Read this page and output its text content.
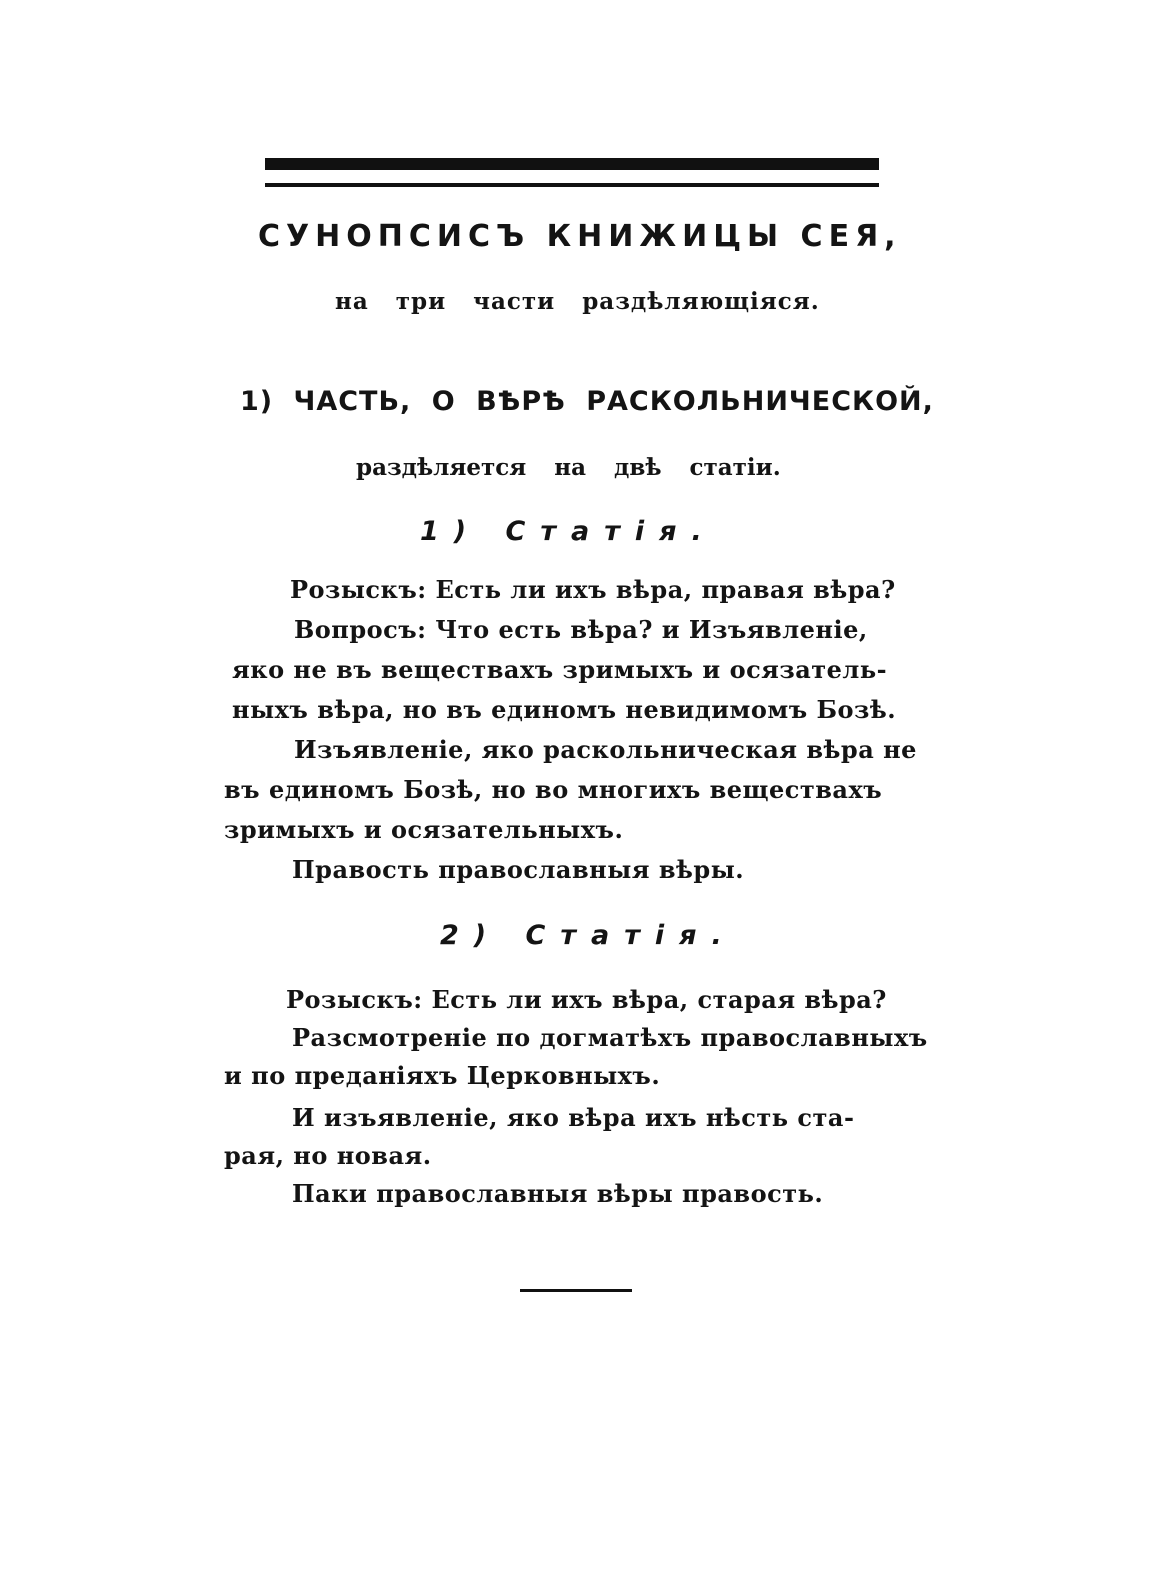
СУНОПСИСЪ КНИЖИЦЫ СЕЯ,
на три части раздѣляющіяся.
1) ЧАСТЬ, О ВѢРѢ РАСКОЛЬНИЧЕСКОЙ,
раздѣляется на двѣ статіи.
1) Статія.
Розыскъ: Есть ли ихъ вѣра, правая вѣра?
Вопросъ: Что есть вѣра? и Изъявленіе,
яко не въ веществахъ зримыхъ и осязатель-
ныхъ вѣра, но въ единомъ невидимомъ Бозѣ.
Изъявленіе, яко раскольническая вѣра не
въ единомъ Бозѣ, но во многихъ веществахъ
зримыхъ и осязательныхъ.
Правость православныя вѣры.
2) Статія.
Розыскъ: Есть ли ихъ вѣра, старая вѣра?
Разсмотреніе по догматѣхъ православныхъ
и по преданіяхъ Церковныхъ.
И изъявленіе, яко вѣра ихъ нѣсть ста-
рая, но новая.
Паки православныя вѣры правость.
